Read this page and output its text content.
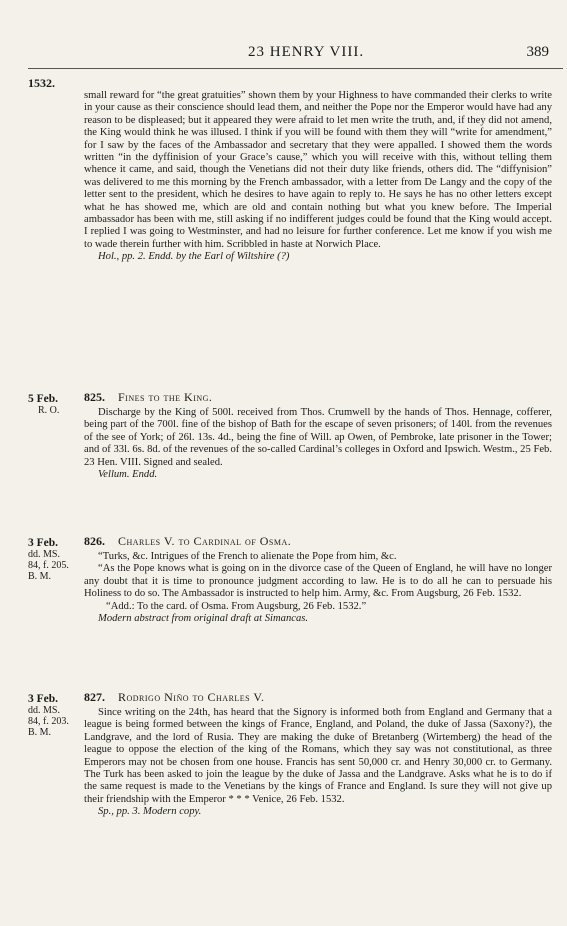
23 HENRY VIII.	389
1532.

small reward for “the great gratuities” shown them by your Highness to have commanded their clerks to write in your cause as their conscience should lead them, and neither the Pope nor the Emperor would have had any reason to be displeased; but it appeared they were afraid to let men write the truth, and, if they did not amend, the King would think he was illused. I think if you will be found with them they will “write for amendment,” for I saw by the faces of the Ambassador and secretary that they were appalled. I showed them the words written “in the dyffinision of your Grace’s cause,” which you will receive with this, without telling them whence it came, and said, though the Venetians did not their duty like friends, others did. The “diffynision” was delivered to me this morning by the French ambassador, with a letter from De Langy and the copy of the letter sent to the president, which he desires to have again to reply to. He says he has no other letters except what he has showed me, which are old and contain nothing but what you knew before. The Imperial ambassador has been with me, still asking if no indifferent judges could be found that the King would accept. I replied I was going to Westminster, and had no leisure for further conference. Let me know if you wish me to wade therein further with him. Scribbled in haste at Norwich Place.

Hol., pp. 2. Endd. by the Earl of Wiltshire (?)

5 Feb.
R. O.
825. Fines to the King.

Discharge by the King of 500l. received from Thos. Crumwell by the hands of Thos. Hennage, cofferer, being part of the 700l. fine of the bishop of Bath for the escape of seven prisoners; of 140l. from the revenues of the see of York; of 26l. 13s. 4d., being the fine of Will. ap Owen, of Pembroke, late prisoner in the Tower; and of 33l. 6s. 8d. of the revenues of the so-called Cardinal’s colleges in Oxford and Ipswich. Westm., 25 Feb. 23 Hen. VIII. Signed and sealed.

Vellum. Endd.

3 Feb.
dd. MS.
84, f. 205.
B. M.
826. Charles V. to Cardinal of Osma.

“Turks, &c. Intrigues of the French to alienate the Pope from him, &c.

“As the Pope knows what is going on in the divorce case of the Queen of England, he will have no longer any doubt that it is time to pronounce judgment according to law. He is to do all he can to persuade his Holiness to do so. The Ambassador is instructed to help him. Army, &c. From Augsburg, 26 Feb. 1532.

“Add.: To the card. of Osma. From Augsburg, 26 Feb. 1532.”

Modern abstract from original draft at Simancas.

3 Feb.
dd. MS.
84, f. 203.
B. M.
827. Rodrigo Niño to Charles V.

Since writing on the 24th, has heard that the Signory is informed both from England and Germany that a league is being formed between the kings of France, England, and Poland, the duke of Jassa (Saxony?), the Landgrave, and the lord of Rusia. They are making the duke of Bretanberg (Wirtemberg) the head of the league to oppose the election of the king of the Romans, which they say was not constitutional, as three Emperors may not be chosen from one house. Francis has sent 50,000 cr. and Henry 30,000 cr. to Germany. The Turk has been asked to join the league by the duke of Jassa and the Landgrave. Asks what he is to do if the same request is made to the Venetians by the kings of France and England. Is sure they will not give up their friendship with the Emperor * * * Venice, 26 Feb. 1532.

Sp., pp. 3. Modern copy.
